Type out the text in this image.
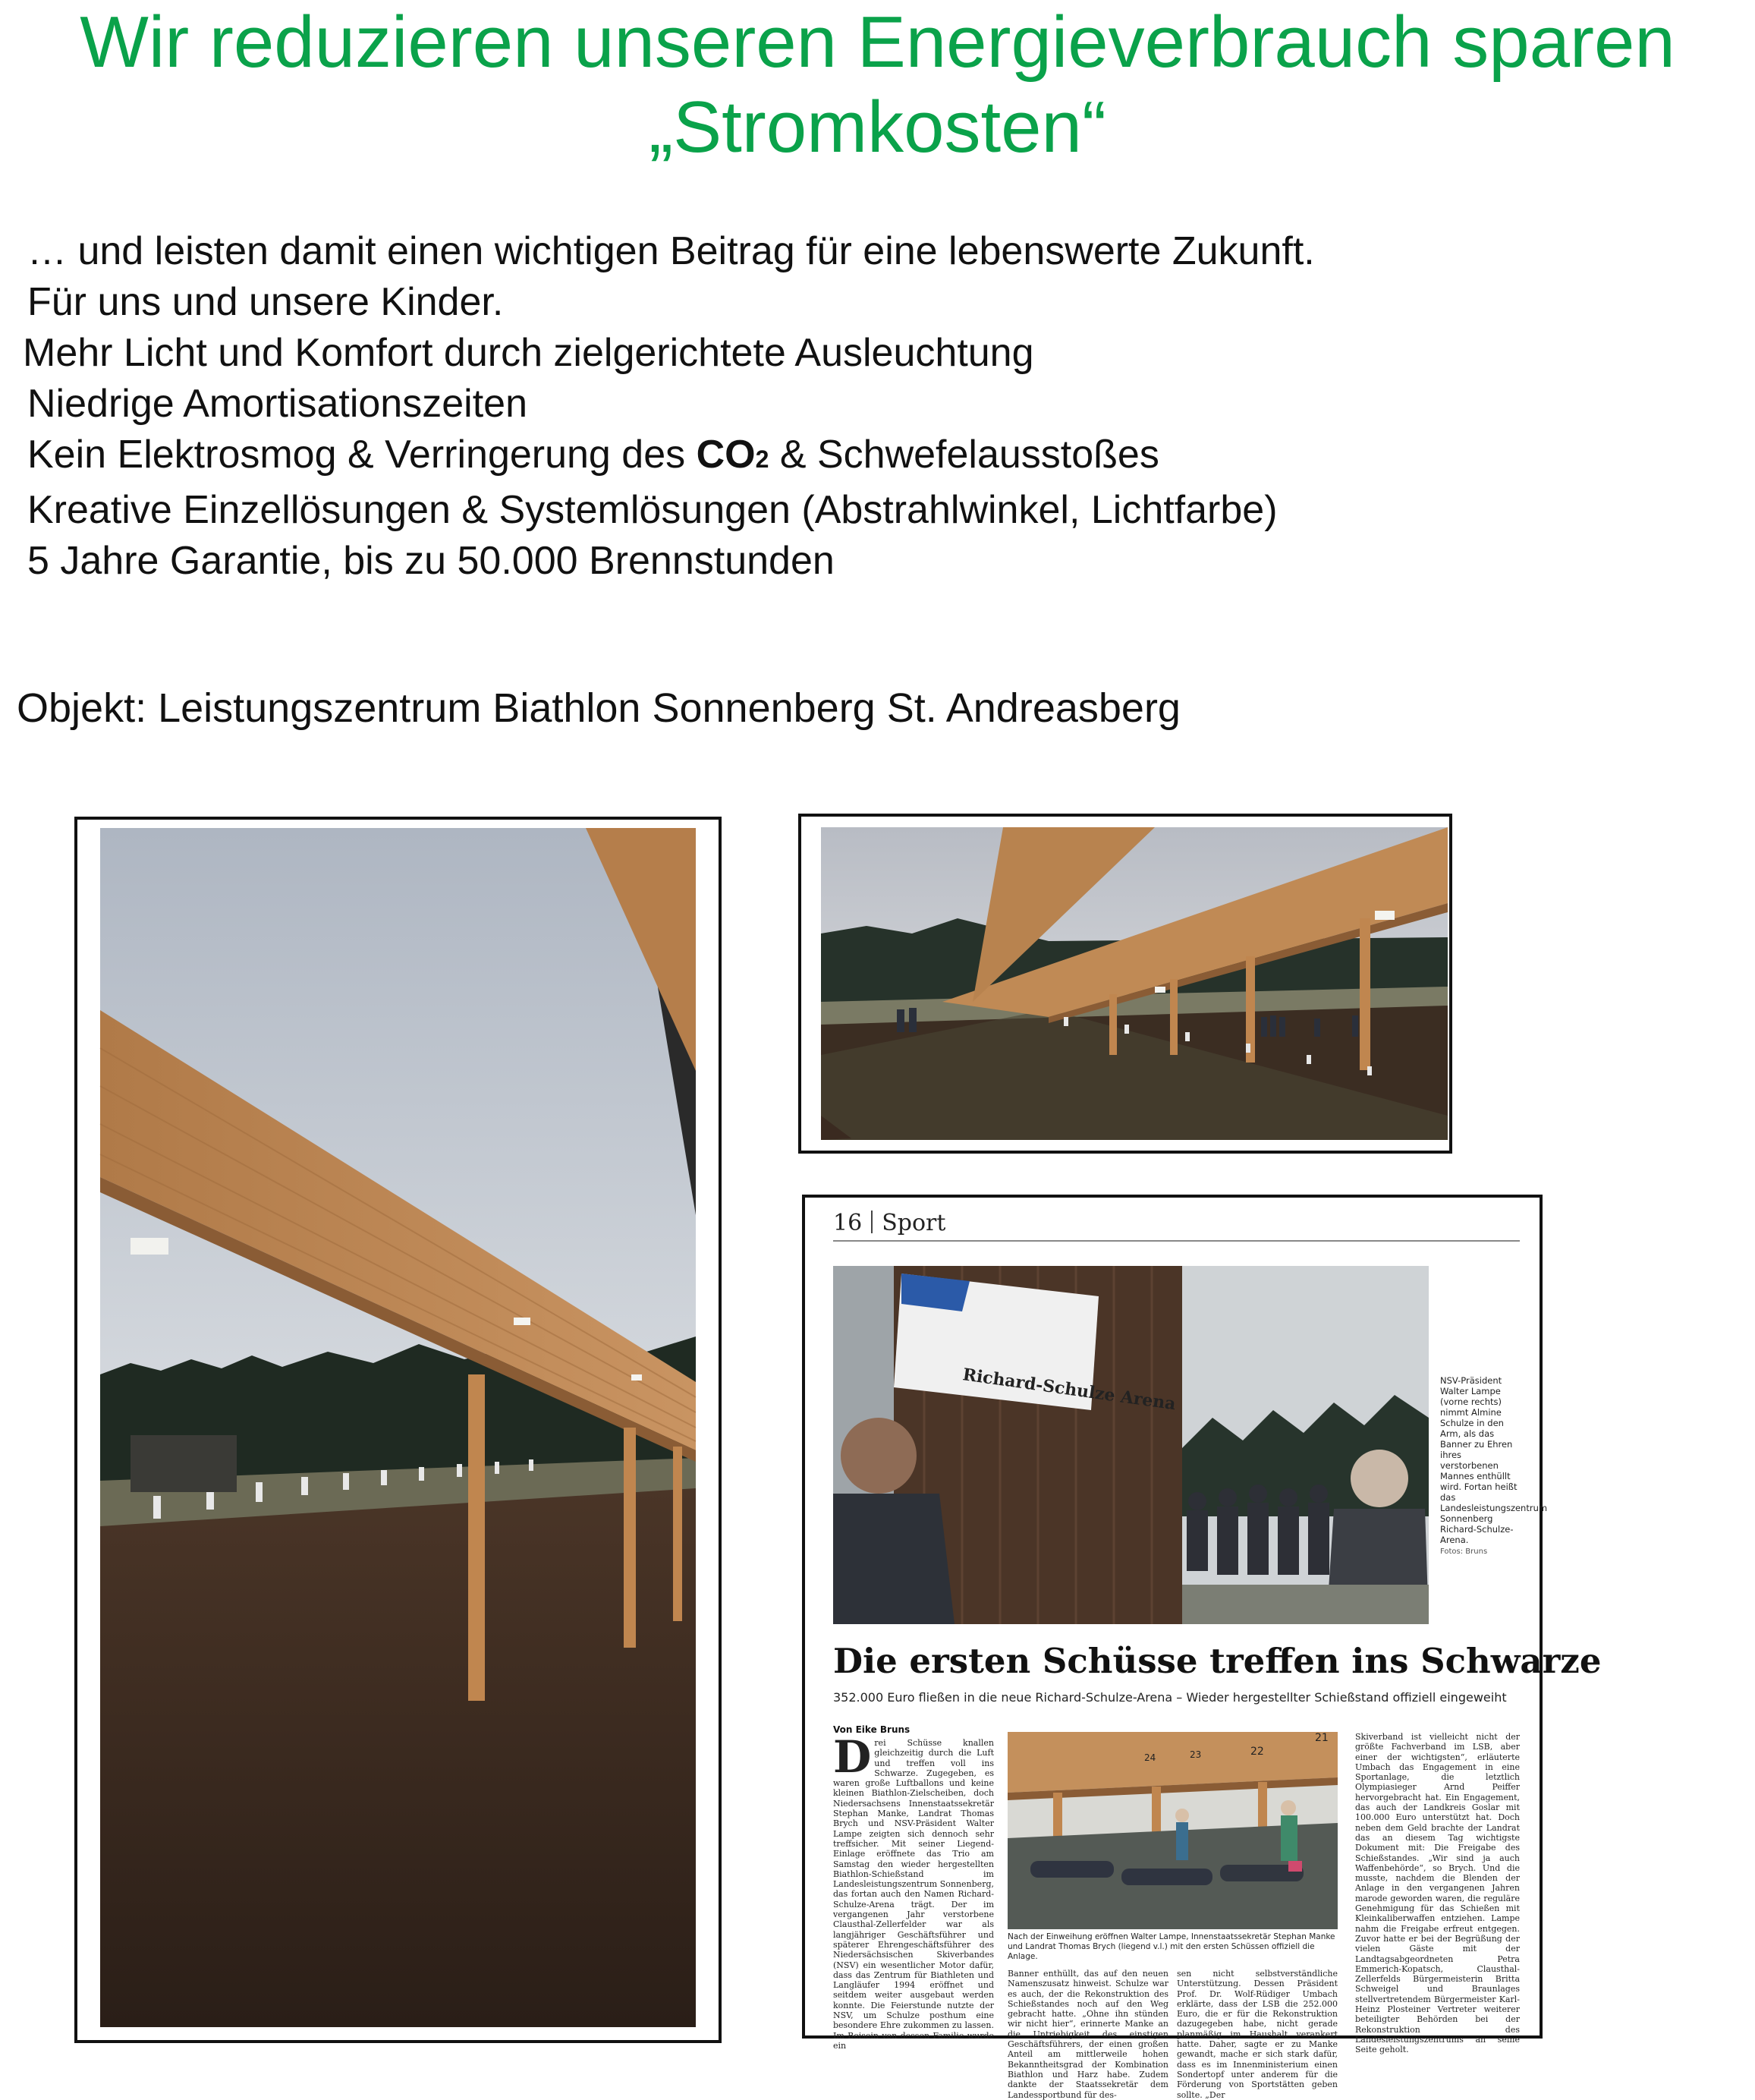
Wir reduzieren unseren Energieverbrauch sparen
„Stromkosten“
… und leisten damit einen wichtigen Beitrag für eine lebenswerte Zukunft.
Für uns und unsere Kinder.
Mehr Licht und Komfort durch zielgerichtete Ausleuchtung
Niedrige Amortisationszeiten
Kein Elektrosmog & Verringerung des CO2 & Schwefelausstoßes
Kreative Einzellösungen & Systemlösungen (Abstrahlwinkel, Lichtfarbe)
5 Jahre Garantie, bis zu 50.000 Brennstunden
Objekt: Leistungszentrum Biathlon Sonnenberg St. Andreasberg
16 Sport
Richard-Schulze Arena	NSV-Präsident Walter Lampe (vorne rechts) nimmt Almine Schulze in den Arm, als das Banner zu Ehren ihres verstorbenen Mannes enthüllt wird. Fortan heißt das Landesleistungszentrum Sonnenberg Richard-Schulze-Arena.
Fotos: Bruns
Die ersten Schüsse treffen ins Schwarze
352.000 Euro fließen in die neue Richard-Schulze-Arena – Wieder hergestellter Schießstand offiziell eingeweiht
Von Eike Bruns
Drei Schüsse knallen gleichzeitig durch die Luft und treffen voll ins Schwarze. Zugegeben, es waren große Luftballons und keine kleinen Biathlon-Zielscheiben, doch Niedersachsens Innenstaatssekretär Stephan Manke, Landrat Thomas Brych und NSV-Präsident Walter Lampe zeigten sich dennoch sehr treffsicher. Mit seiner Liegend-Einlage eröffnete das Trio am Samstag den wieder hergestellten Biathlon-Schießstand im Landesleistungszentrum Sonnenberg, das fortan auch den Namen Richard-Schulze-Arena trägt. Der im vergangenen Jahr verstorbene Clausthal-Zellerfelder war als langjähriger Geschäftsführer und späterer Ehrengeschäftsführer des Niedersächsischen Skiverbandes (NSV) ein wesentlicher Motor dafür, dass das Zentrum für Biathleten und Langläufer 1994 eröffnet und seitdem weiter ausgebaut werden konnte. Die Feierstunde nutzte der NSV, um Schulze posthum eine besondere Ehre zukommen zu lassen. Im Beisein von dessen Familie wurde ein
24	23	22
21
Nach der Einweihung eröffnen Walter Lampe, Innenstaatssekretär Stephan Manke und Landrat Thomas Brych (liegend v.l.) mit den ersten Schüssen offiziell die Anlage.
Banner enthüllt, das auf den neuen Namenszusatz hinweist. Schulze war es auch, der die Rekonstruktion des Schießstandes noch auf den Weg gebracht hatte. „Ohne ihn stünden wir nicht hier“, erinnerte Manke an die Untriebigkeit des einstigen Geschäftsführers, der einen großen Anteil am mittlerweile hohen Bekanntheitsgrad der Kombination Biathlon und Harz habe. Zudem dankte der Staatssekretär dem Landessportbund für des-
sen nicht selbstverständliche Unterstützung. Dessen Präsident Prof. Dr. Wolf-Rüdiger Umbach erklärte, dass der LSB die 252.000 Euro, die er für die Rekonstruktion dazugegeben habe, nicht gerade planmäßig im Haushalt verankert hatte. Daher, sagte er zu Manke gewandt, mache er sich stark dafür, dass es im Innenministerium einen Sondertopf unter anderem für die Förderung von Sportstätten geben sollte. „Der
Skiverband ist vielleicht nicht der größte Fachverband im LSB, aber einer der wichtigsten“, erläuterte Umbach das Engagement in eine Sportanlage, die letztlich Olympiasieger Arnd Peiffer hervorgebracht hat. Ein Engagement, das auch der Landkreis Goslar mit 100.000 Euro unterstützt hat. Doch neben dem Geld brachte der Landrat das an diesem Tag wichtigste Dokument mit: Die Freigabe des Schießstandes. „Wir sind ja auch Waffenbehörde“, so Brych. Und die musste, nachdem die Blenden der Anlage in den vergangenen Jahren marode geworden waren, die reguläre Genehmigung für das Schießen mit Kleinkaliberwaffen entziehen. Lampe nahm die Freigabe erfreut entgegen. Zuvor hatte er bei der Begrüßung der vielen Gäste mit der Landtagsabgeordneten Petra Emmerich-Kopatsch, Clausthal-Zellerfelds Bürgermeisterin Britta Schweigel und Braunlages stellvertretendem Bürgermeister Karl-Heinz Plosteiner Vertreter weiterer beteiligter Behörden bei der Rekonstruktion des Landesleistungszentrums an seine Seite geholt.
